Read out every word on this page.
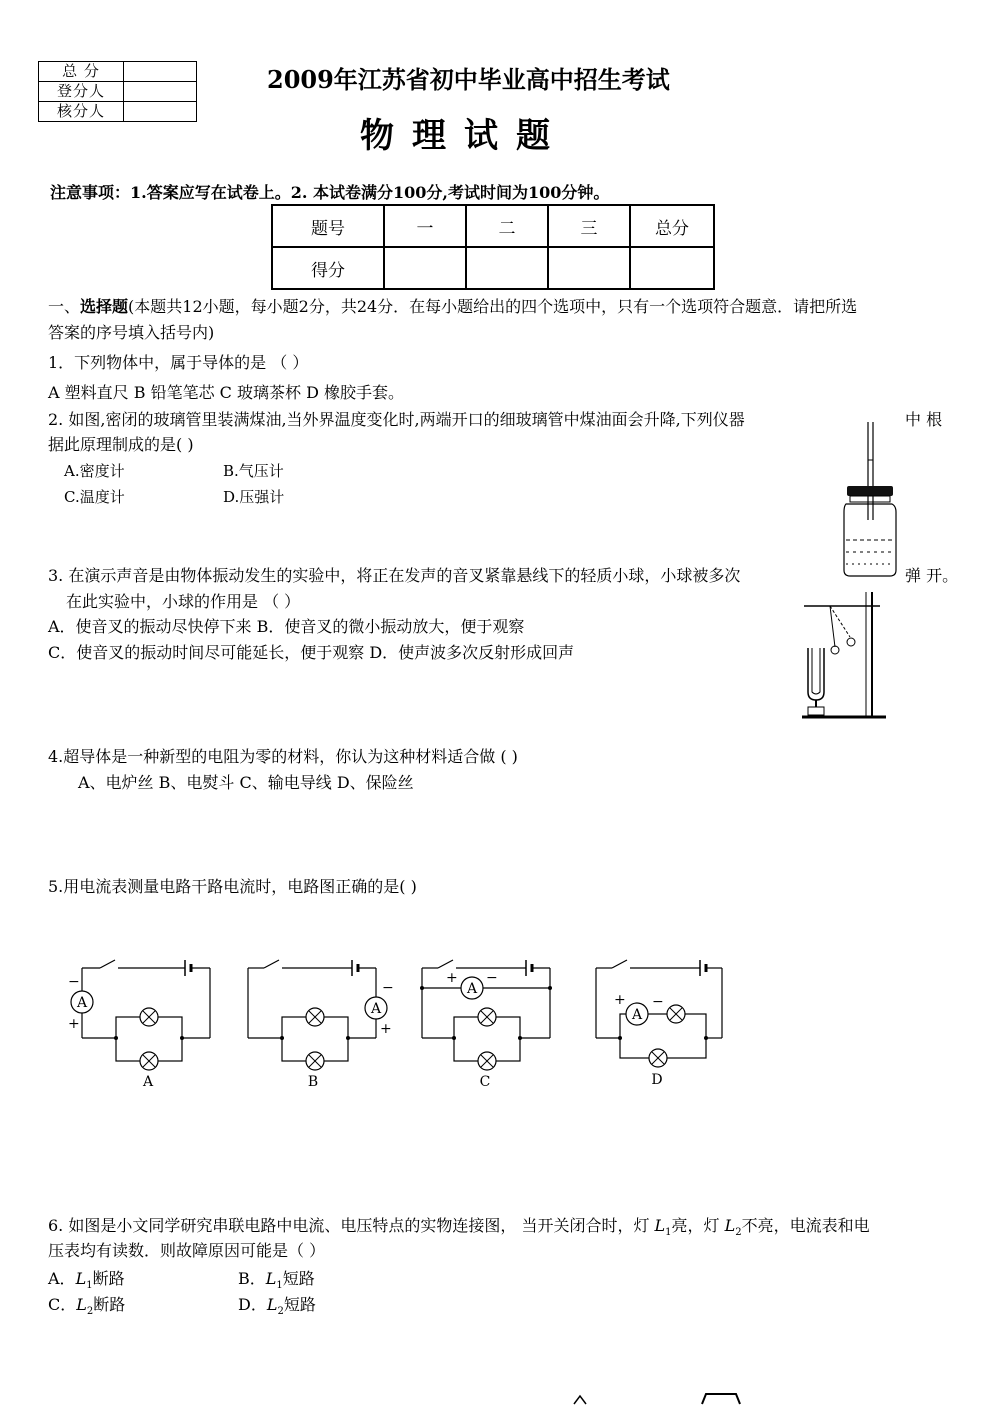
总 分	
登分人	
核分人	
2009年江苏省初中毕业高中招生考试
物理试题
注意事项：1.答案应写在试卷上。2. 本试卷满分100分,考试时间为100分钟。
题号	一	二	三	总分
得分				
一、选择题(本题共12小题，每小题2分，共24分．在每小题给出的四个选项中，只有一个选项符合题意．请把所选
答案的序号填入括号内)
1．下列物体中，属于导体的是 （ ）
A 塑料直尺 B 铅笔笔芯 C 玻璃茶杯 D 橡胶手套。
2. 如图,密闭的玻璃管里装满煤油,当外界温度变化时,两端开口的细玻璃管中煤油面会升降,下列仪器	中 根
据此原理制成的是( )
A.密度计	B.气压计
C.温度计	D.压强计
3. 在演示声音是由物体振动发生的实验中，将正在发声的音叉紧靠悬线下的轻质小球，小球被多次	弹 开。
在此实验中，小球的作用是 （ ）
A．使音叉的振动尽快停下来 B．使音叉的微小振动放大，便于观察
C．使音叉的振动时间尽可能延长，便于观察 D．使声波多次反射形成回声
4.超导体是一种新型的电阻为零的材料，你认为这种材料适合做 ( )
A、电炉丝 B、电熨斗 C、输电导线 D、保险丝
5.用电流表测量电路干路电流时，电路图正确的是( )
A
−
+
A
A
−
+
B
A
+ −
C
A
+ −
D
6. 如图是小文同学研究串联电路中电流、电压特点的实物连接图， 当开关闭合时，灯 $L_1$亮，灯 $L_2$不亮，电流表和电
压表均有读数．则故障原因可能是（ ）
A．$L_1$断路	B．$L_1$短路
C．$L_2$断路	D．$L_2$短路
